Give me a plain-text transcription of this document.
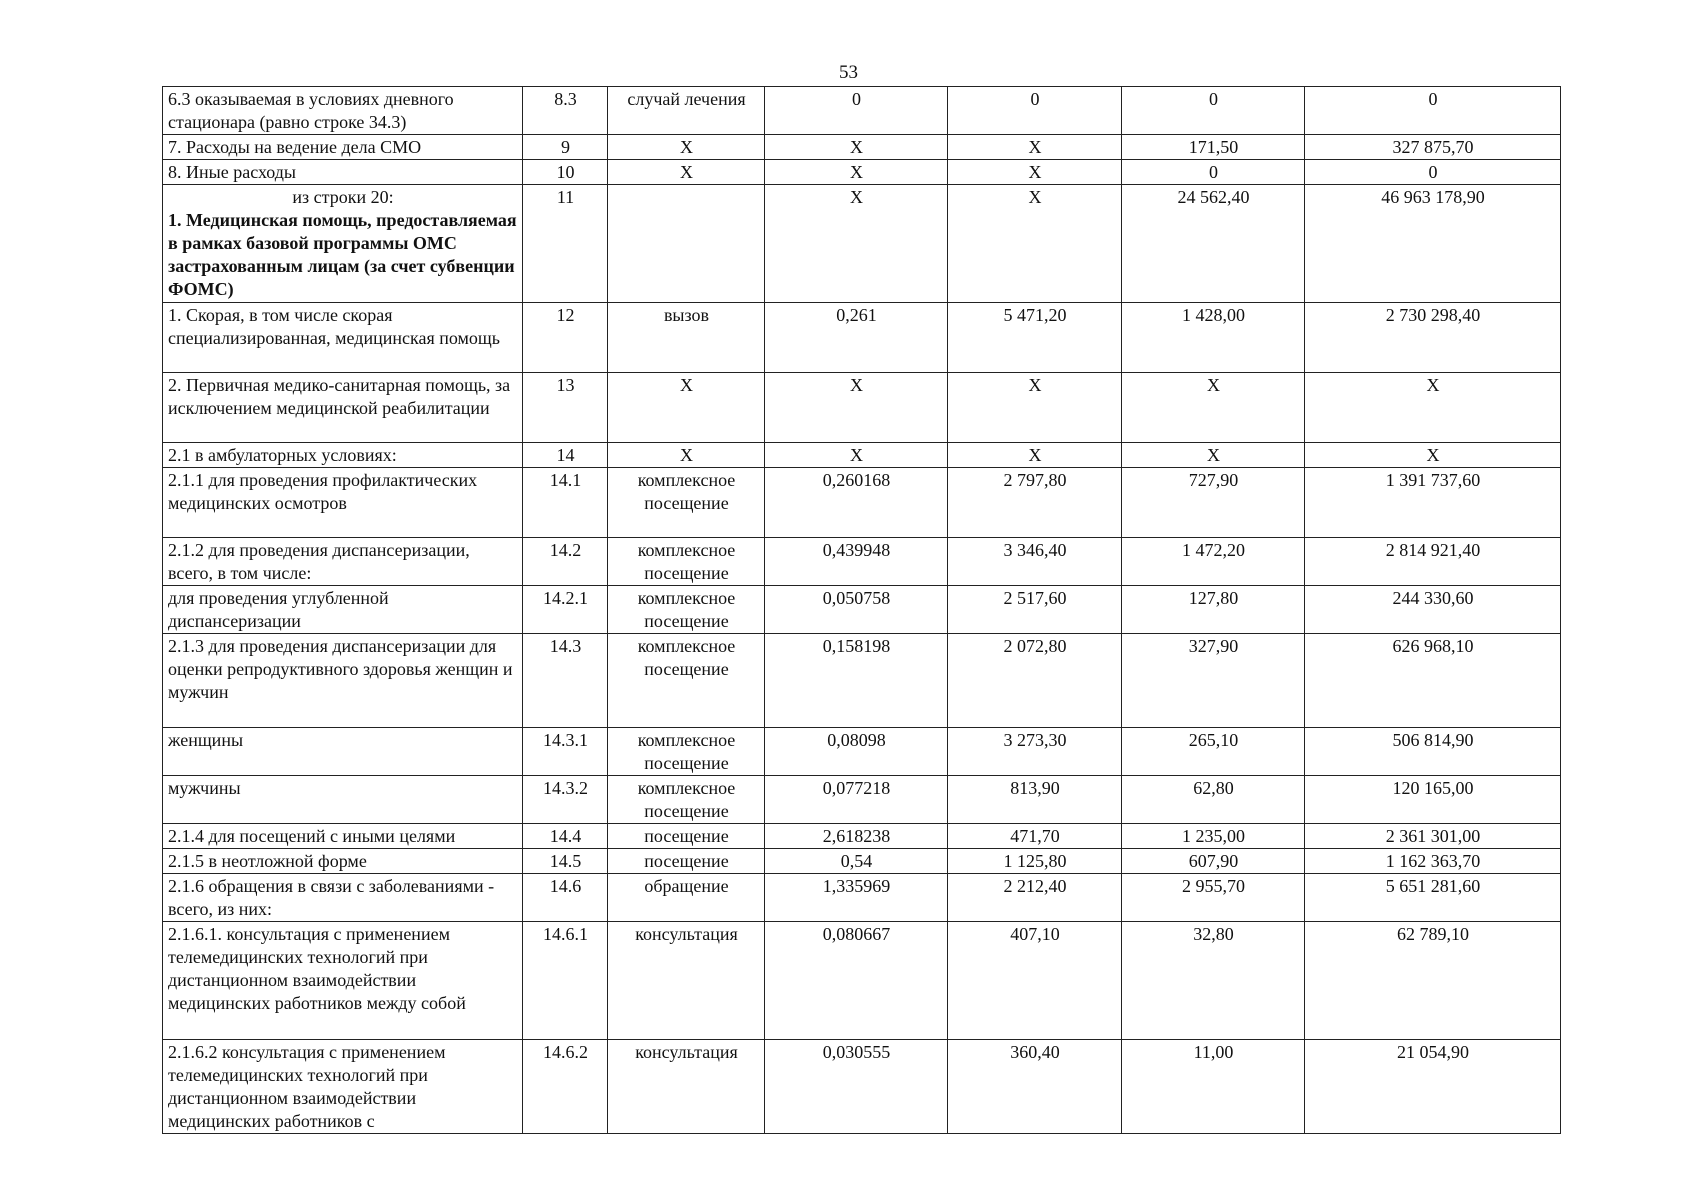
53
6.3 оказываемая в условиях дневного стационара (равно строке 34.3)	8.3	случай лечения	0	0	0	0

7. Расходы на ведение дела СМО	9	X	X	X	171,50	327 875,70

8. Иные расходы	10	X	X	X	0	0

из строки 20:
1. Медицинская помощь, предоставляемая в рамках базовой программы ОМС застрахованным лицам (за счет субвенции ФОМС)	11		X	X	24 562,40	46 963 178,90

1. Скорая, в том числе скорая специализированная, медицинская помощь	12	вызов	0,261	5 471,20	1 428,00	2 730 298,40

2. Первичная медико-санитарная помощь, за исключением медицинской реабилитации	13	X	X	X	X	X

2.1 в амбулаторных условиях:	14	X	X	X	X	X

2.1.1 для проведения профилактических медицинских осмотров	14.1	комплексное посещение	0,260168	2 797,80	727,90	1 391 737,60

2.1.2 для проведения диспансеризации, всего, в том числе:	14.2	комплексное посещение	0,439948	3 346,40	1 472,20	2 814 921,40

для проведения углубленной диспансеризации	14.2.1	комплексное посещение	0,050758	2 517,60	127,80	244 330,60

2.1.3 для проведения диспансеризации для оценки репродуктивного здоровья женщин и мужчин	14.3	комплексное посещение	0,158198	2 072,80	327,90	626 968,10

женщины	14.3.1	комплексное посещение	0,08098	3 273,30	265,10	506 814,90

мужчины	14.3.2	комплексное посещение	0,077218	813,90	62,80	120 165,00

2.1.4 для посещений с иными целями	14.4	посещение	2,618238	471,70	1 235,00	2 361 301,00

2.1.5 в неотложной форме	14.5	посещение	0,54	1 125,80	607,90	1 162 363,70

2.1.6 обращения в связи с заболеваниями - всего, из них:	14.6	обращение	1,335969	2 212,40	2 955,70	5 651 281,60

2.1.6.1. консультация с применением телемедицинских технологий при дистанционном взаимодействии медицинских работников между собой	14.6.1	консультация	0,080667	407,10	32,80	62 789,10

2.1.6.2 консультация с применением телемедицинских технологий при дистанционном взаимодействии медицинских работников с	14.6.2	консультация	0,030555	360,40	11,00	21 054,90
